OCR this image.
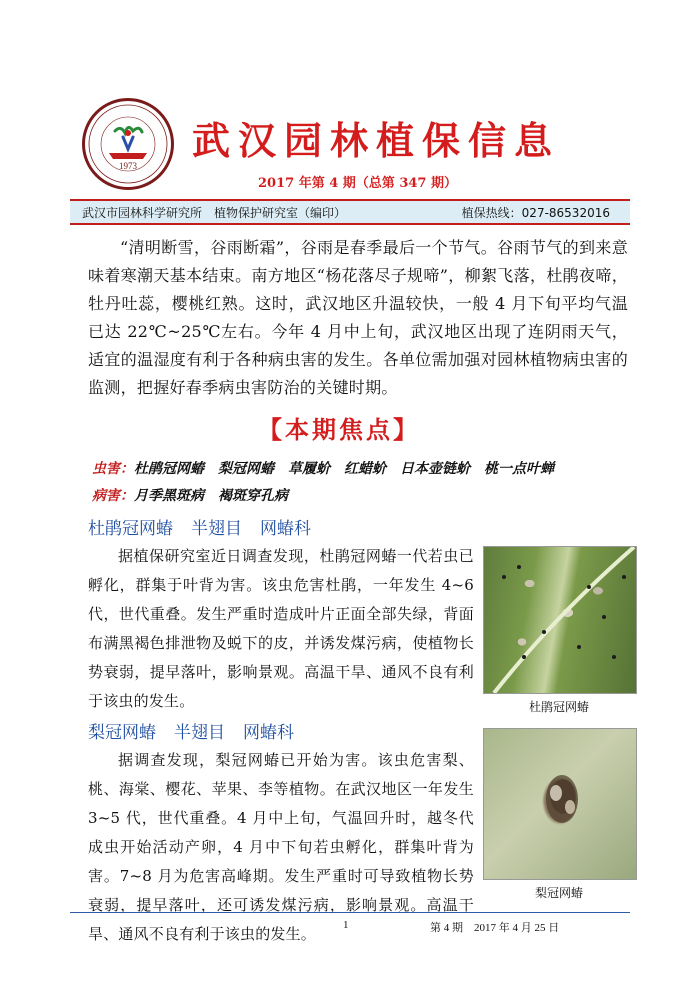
1973
武汉园林植保信息
2017 年第 4 期（总第 347 期）
武汉市园林科学研究所　植物保护研究室（编印）	植保热线：027-86532016
“清明断雪，谷雨断霜”，谷雨是春季最后一个节气。谷雨节气的到来意味着寒潮天基本结束。南方地区“杨花落尽子规啼”，柳絮飞落，杜鹃夜啼，牡丹吐蕊，樱桃红熟。这时，武汉地区升温较快，一般 4 月下旬平均气温已达 22℃~25℃左右。今年 4 月中上旬，武汉地区出现了连阴雨天气，适宜的温湿度有利于各种病虫害的发生。各单位需加强对园林植物病虫害的监测，把握好春季病虫害防治的关键时期。
【本期焦点】
虫害：杜鹃冠网蝽　梨冠网蝽　草履蚧　红蜡蚧　日本壶链蚧　桃一点叶蝉
病害：月季黑斑病　褐斑穿孔病
杜鹃冠网蝽 半翅目 网蝽科
据植保研究室近日调查发现，杜鹃冠网蝽一代若虫已孵化，群集于叶背为害。该虫危害杜鹃，一年发生 4~6 代，世代重叠。发生严重时造成叶片正面全部失绿，背面布满黑褐色排泄物及蜕下的皮，并诱发煤污病，使植物长势衰弱，提早落叶，影响景观。高温干旱、通风不良有利于该虫的发生。	杜鹃冠网蝽
梨冠网蝽 半翅目 网蝽科
据调查发现，梨冠网蝽已开始为害。该虫危害梨、桃、海棠、樱花、苹果、李等植物。在武汉地区一年发生 3~5 代，世代重叠。4 月中上旬，气温回升时，越冬代成虫开始活动产卵，4 月中下旬若虫孵化，群集叶背为害。7~8 月为危害高峰期。发生严重时可导致植物长势衰弱，提早落叶，还可诱发煤污病，影响景观。高温干旱、通风不良有利于该虫的发生。
梨冠网蝽
1	第 4 期　2017 年 4 月 25 日
